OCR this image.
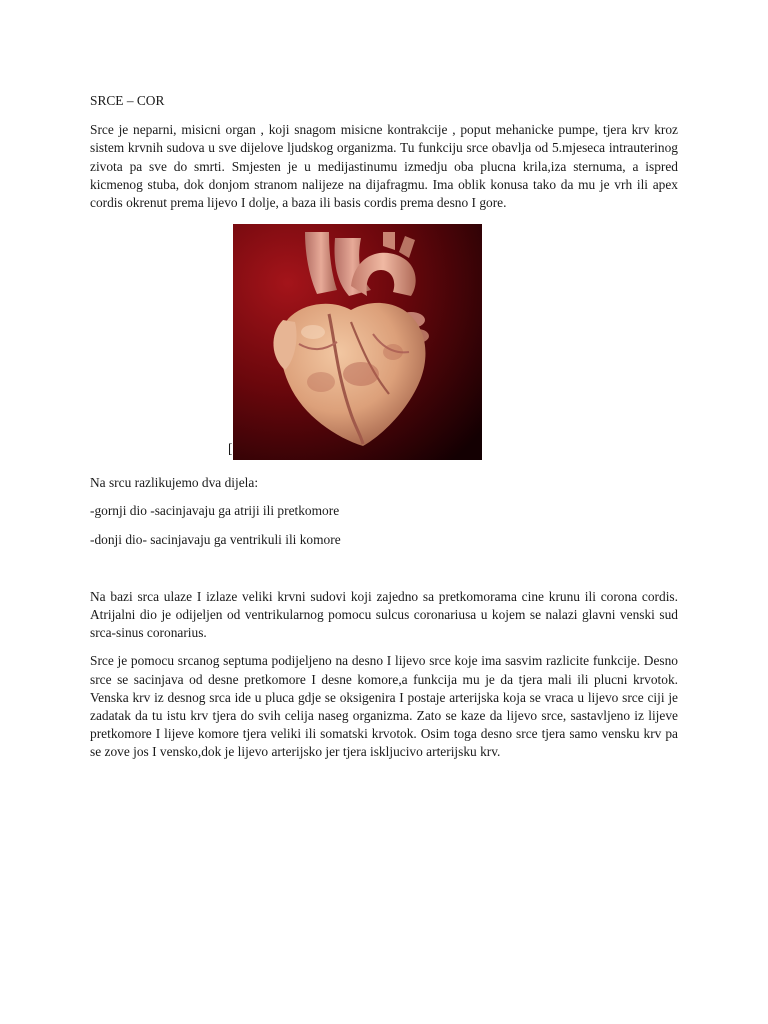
SRCE – COR

Srce je neparni, misicni organ , koji snagom misicne kontrakcije , poput mehanicke pumpe, tjera krv kroz sistem krvnih sudova u sve dijelove ljudskog organizma. Tu funkciju srce obavlja od 5.mjeseca intrauterinog zivota pa sve do smrti. Smjesten je u medijastinumu izmedju oba plucna krila,iza sternuma, a ispred kicmenog stuba, dok donjom stranom nalijeze na dijafragmu. Ima oblik konusa tako da mu je vrh ili apex cordis okrenut prema lijevo I dolje, a baza ili basis cordis prema desno I gore.

[
Na srcu razlikujemo dva dijela:
-gornji dio -sacinjavaju ga atriji ili pretkomore
-donji dio- sacinjavaju ga ventrikuli ili komore

Na bazi srca ulaze I izlaze veliki krvni sudovi koji zajedno sa pretkomorama cine krunu ili corona cordis. Atrijalni dio je odijeljen od ventrikularnog pomocu sulcus coronariusa u kojem se nalazi glavni venski sud srca-sinus coronarius.

Srce je pomocu srcanog septuma podijeljeno na desno I lijevo srce koje ima sasvim razlicite funkcije. Desno srce se sacinjava od desne pretkomore I desne komore,a funkcija mu je da tjera mali ili plucni krvotok. Venska krv iz desnog srca ide u pluca gdje se oksigenira I postaje arterijska koja se vraca u lijevo srce ciji je zadatak da tu istu krv tjera do svih celija naseg organizma. Zato se kaze da lijevo srce, sastavljeno iz lijeve pretkomore I lijeve komore tjera veliki ili somatski krvotok. Osim toga desno srce tjera samo vensku krv pa se zove jos I vensko,dok je lijevo arterijsko jer tjera iskljucivo arterijsku krv.
